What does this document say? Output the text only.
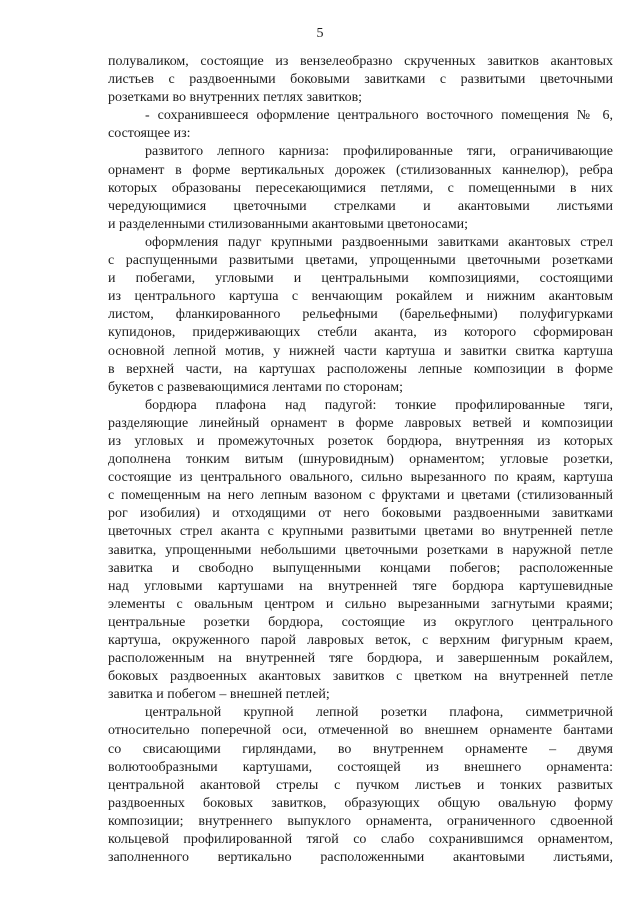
5
полувaликом, состоящие из вензелеобразно скрученных завитков акантовых
листьев с раздвоенными боковыми завитками с развитыми цветочными
розетками во внутренних петлях завитков;
- сохранившееся оформление центрального восточного помещения № 6,
состоящее из:
развитого лепного карниза: профилированные тяги, ограничивающие
орнамент в форме вертикальных дорожек (стилизованных каннелюр), ребра
которых образованы пересекающимися петлями, с помещенными в них
чередующимися цветочными стрелками и акантовыми листьями
и разделенными стилизованными акантовыми цветоносами;
оформления падуг крупными раздвоенными завитками акантовых стрел
с распущенными развитыми цветами, упрощенными цветочными розетками
и побегами, угловыми и центральными композициями, состоящими
из центрального картуша с венчающим рокайлем и нижним акантовым
листом, фланкированного рельефными (барельефными) полуфигурками
купидонов, придерживающих стебли аканта, из которого сформирован
основной лепной мотив, у нижней части картуша и завитки свитка картуша
в верхней части, на картушах расположены лепные композиции в форме
букетов с развевающимися лентами по сторонам;
бордюра плафона над падугой: тонкие профилированные тяги,
разделяющие линейный орнамент в форме лавровых ветвей и композиции
из угловых и промежуточных розеток бордюра, внутренняя из которых
дополнена тонким витым (шнуровидным) орнаментом; угловые розетки,
состоящие из центрального овального, сильно вырезанного по краям, картуша
с помещенным на него лепным вазоном с фруктами и цветами (стилизованный
рог изобилия) и отходящими от него боковыми раздвоенными завитками
цветочных стрел аканта с крупными развитыми цветами во внутренней петле
завитка, упрощенными небольшими цветочными розетками в наружной петле
завитка и свободно выпущенными концами побегов; расположенные
над угловыми картушами на внутренней тяге бордюра картушевидные
элементы с овальным центром и сильно вырезанными загнутыми краями;
центральные розетки бордюра, состоящие из округлого центрального
картуша, окруженного парой лавровых веток, с верхним фигурным краем,
расположенным на внутренней тяге бордюра, и завершенным рокайлем,
боковых раздвоенных акантовых завитков с цветком на внутренней петле
завитка и побегом – внешней петлей;
центральной крупной лепной розетки плафона, симметричной
относительно поперечной оси, отмеченной во внешнем орнаменте бантами
со свисающими гирляндами, во внутреннем орнаменте – двумя
волютообразными картушами, состоящей из внешнего орнамента:
центральной акантовой стрелы с пучком листьев и тонких развитых
раздвоенных боковых завитков, образующих общую овальную форму
композиции; внутреннего выпуклого орнамента, ограниченного сдвоенной
кольцевой профилированной тягой со слабо сохранившимся орнаментом,
заполненного вертикально расположенными акантовыми листьями,
